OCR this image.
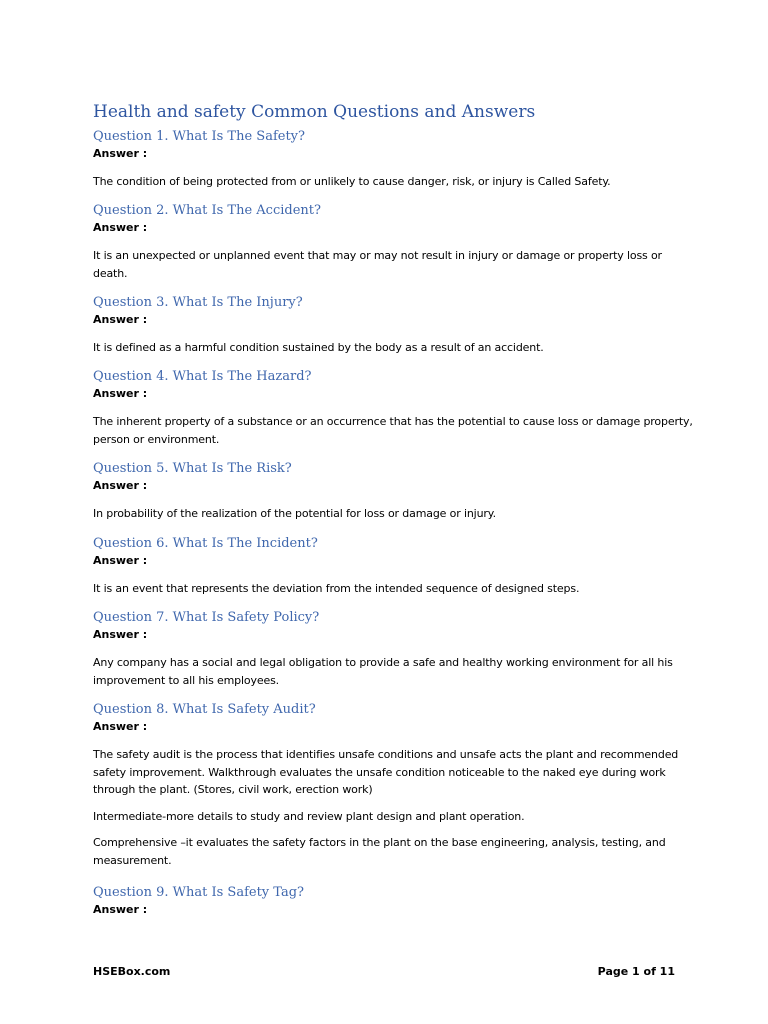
Health and safety Common Questions and Answers
Question 1. What Is The Safety?
Answer :

The condition of being protected from or unlikely to cause danger, risk, or injury is Called Safety.

Question 2. What Is The Accident?
Answer :

It is an unexpected or unplanned event that may or may not result in injury or damage or property loss or death.

Question 3. What Is The Injury?
Answer :

It is defined as a harmful condition sustained by the body as a result of an accident.

Question 4. What Is The Hazard?
Answer :

The inherent property of a substance or an occurrence that has the potential to cause loss or damage property, person or environment.

Question 5. What Is The Risk?
Answer :

In probability of the realization of the potential for loss or damage or injury.

Question 6. What Is The Incident?
Answer :

It is an event that represents the deviation from the intended sequence of designed steps.

Question 7. What Is Safety Policy?
Answer :

Any company has a social and legal obligation to provide a safe and healthy working environment for all his improvement to all his employees.

Question 8. What Is Safety Audit?
Answer :

The safety audit is the process that identifies unsafe conditions and unsafe acts the plant and recommended safety improvement. Walkthrough evaluates the unsafe condition noticeable to the naked eye during work through the plant. (Stores, civil work, erection work)

Intermediate-more details to study and review plant design and plant operation.

Comprehensive –it evaluates the safety factors in the plant on the base engineering, analysis, testing, and measurement.

Question 9. What Is Safety Tag?
Answer :
HSEBox.com	Page 1 of 11
